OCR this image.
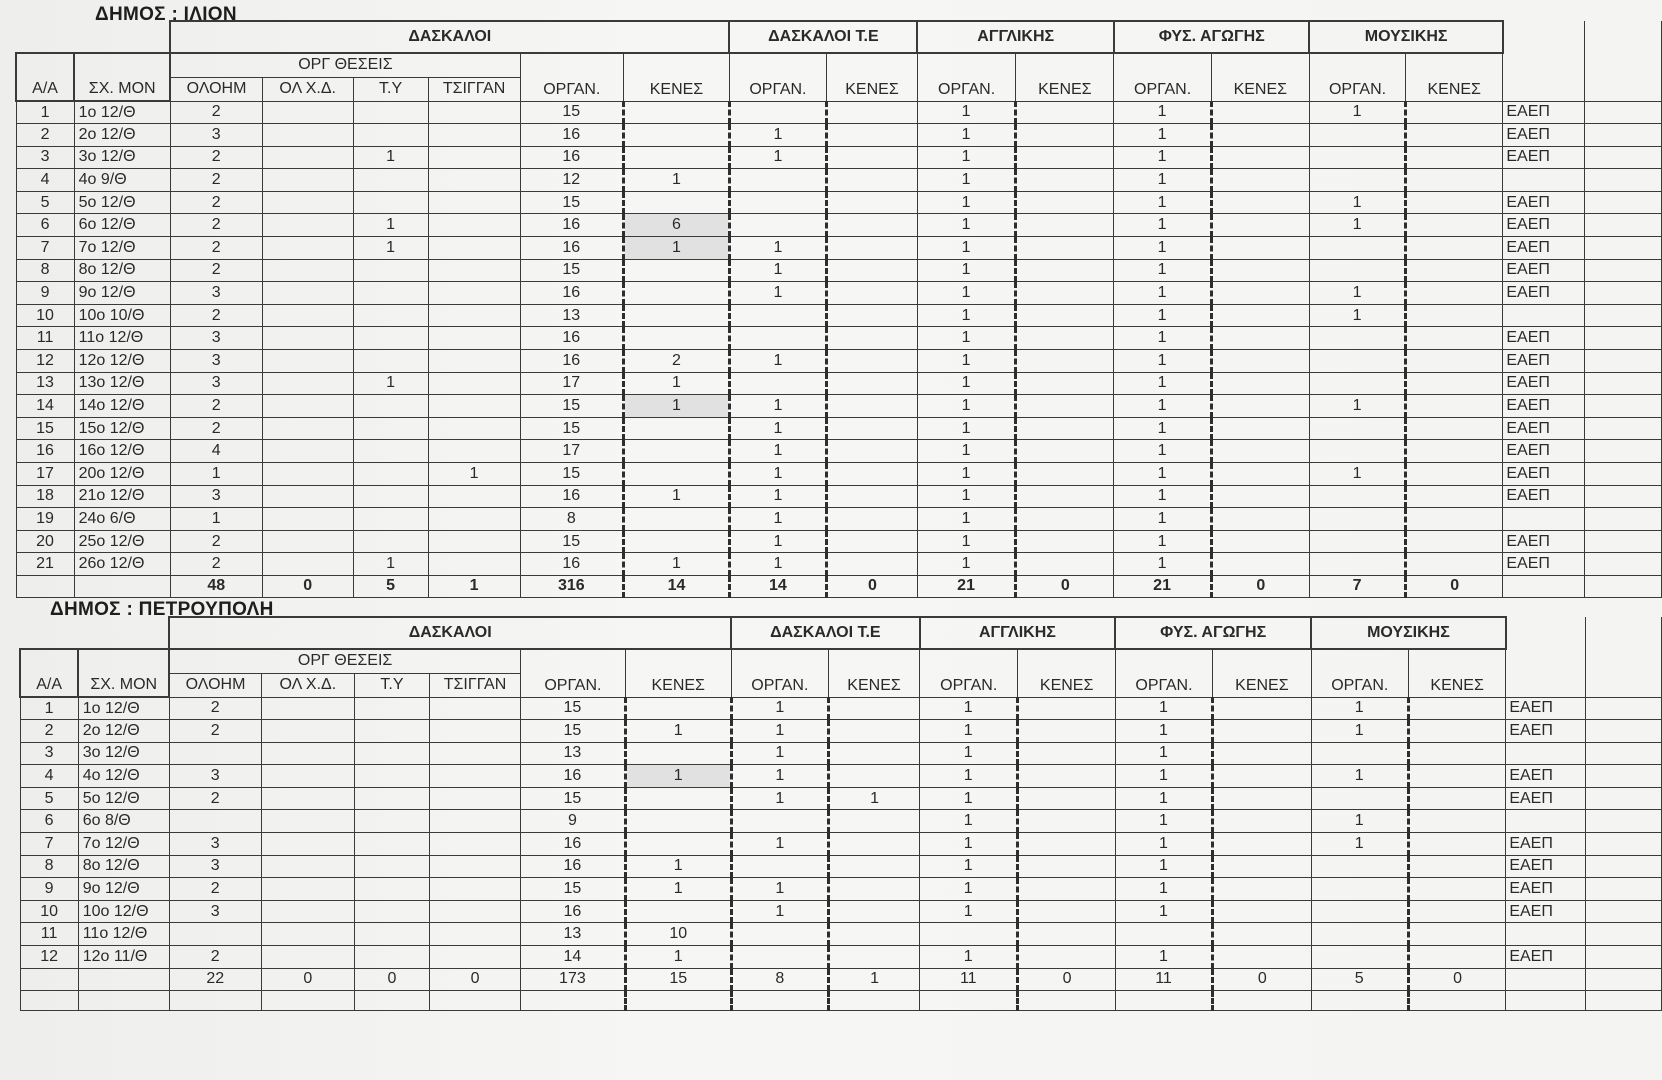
ΔΗΜΟΣ : ΙΛΙΟΝ
		ΔΑΣΚΑΛΟΙ						ΔΑΣΚΑΛΟΙ Τ.Ε		ΑΓΓΛΙΚΗΣ		ΦΥΣ. ΑΓΩΓΗΣ		ΜΟΥΣΙΚΗΣ			
Α/Α	ΣΧ. ΜΟΝ	ΟΡΓ ΘΕΣΕΙΣ				ΟΡΓΑΝ.	ΚΕΝΕΣ	ΟΡΓΑΝ.	ΚΕΝΕΣ	ΟΡΓΑΝ.	ΚΕΝΕΣ	ΟΡΓΑΝ.	ΚΕΝΕΣ	ΟΡΓΑΝ.	ΚΕΝΕΣ		
		ΟΛΟΗΜ	ΟΛ Χ.Δ.	Τ.Υ	ΤΣΙΓΓΑΝ												
1	1ο 12/Θ	2				15				1		1		1		ΕΑΕΠ	
2	2ο 12/Θ	3				16		1		1		1				ΕΑΕΠ	
3	3ο 12/Θ	2		1		16		1		1		1				ΕΑΕΠ	
4	4ο 9/Θ	2				12	1			1		1					
5	5ο 12/Θ	2				15				1		1		1		ΕΑΕΠ	
6	6ο 12/Θ	2		1		16	6			1		1		1		ΕΑΕΠ	
7	7ο 12/Θ	2		1		16	1	1		1		1				ΕΑΕΠ	
8	8ο 12/Θ	2				15		1		1		1				ΕΑΕΠ	
9	9ο 12/Θ	3				16		1		1		1		1		ΕΑΕΠ	
10	10ο 10/Θ	2				13				1		1		1			
11	11ο 12/Θ	3				16				1		1				ΕΑΕΠ	
12	12ο 12/Θ	3				16	2	1		1		1				ΕΑΕΠ	
13	13ο 12/Θ	3		1		17	1			1		1				ΕΑΕΠ	
14	14ο 12/Θ	2				15	1	1		1		1		1		ΕΑΕΠ	
15	15ο 12/Θ	2				15		1		1		1				ΕΑΕΠ	
16	16ο 12/Θ	4				17		1		1		1				ΕΑΕΠ	
17	20ο 12/Θ	1			1	15		1		1		1		1		ΕΑΕΠ	
18	21ο 12/Θ	3				16	1	1		1		1				ΕΑΕΠ	
19	24ο 6/Θ	1				8		1		1		1					
20	25ο 12/Θ	2				15		1		1		1				ΕΑΕΠ	
21	26ο 12/Θ	2		1		16	1	1		1		1				ΕΑΕΠ	
		48	0	5	1	316	14	14	0	21	0	21	0	7	0		
ΔΗΜΟΣ : ΠΕΤΡΟΥΠΟΛΗ
		ΔΑΣΚΑΛΟΙ						ΔΑΣΚΑΛΟΙ Τ.Ε		ΑΓΓΛΙΚΗΣ		ΦΥΣ. ΑΓΩΓΗΣ		ΜΟΥΣΙΚΗΣ			
Α/Α	ΣΧ. ΜΟΝ	ΟΡΓ ΘΕΣΕΙΣ				ΟΡΓΑΝ.	ΚΕΝΕΣ	ΟΡΓΑΝ.	ΚΕΝΕΣ	ΟΡΓΑΝ.	ΚΕΝΕΣ	ΟΡΓΑΝ.	ΚΕΝΕΣ	ΟΡΓΑΝ.	ΚΕΝΕΣ		
		ΟΛΟΗΜ	ΟΛ Χ.Δ.	Τ.Υ	ΤΣΙΓΓΑΝ												
1	1ο 12/Θ	2				15		1		1		1		1		ΕΑΕΠ	
2	2ο 12/Θ	2				15	1	1		1		1		1		ΕΑΕΠ	
3	3ο 12/Θ					13		1		1		1					
4	4ο 12/Θ	3				16	1	1		1		1		1		ΕΑΕΠ	
5	5ο 12/Θ	2				15		1	1	1		1				ΕΑΕΠ	
6	6ο 8/Θ					9				1		1		1			
7	7ο 12/Θ	3				16		1		1		1		1		ΕΑΕΠ	
8	8ο 12/Θ	3				16	1			1		1				ΕΑΕΠ	
9	9ο 12/Θ	2				15	1	1		1		1				ΕΑΕΠ	
10	10ο 12/Θ	3				16		1		1		1				ΕΑΕΠ	
11	11ο 12/Θ					13	10										
12	12ο 11/Θ	2				14	1			1		1				ΕΑΕΠ	
		22	0	0	0	173	15	8	1	11	0	11	0	5	0		
